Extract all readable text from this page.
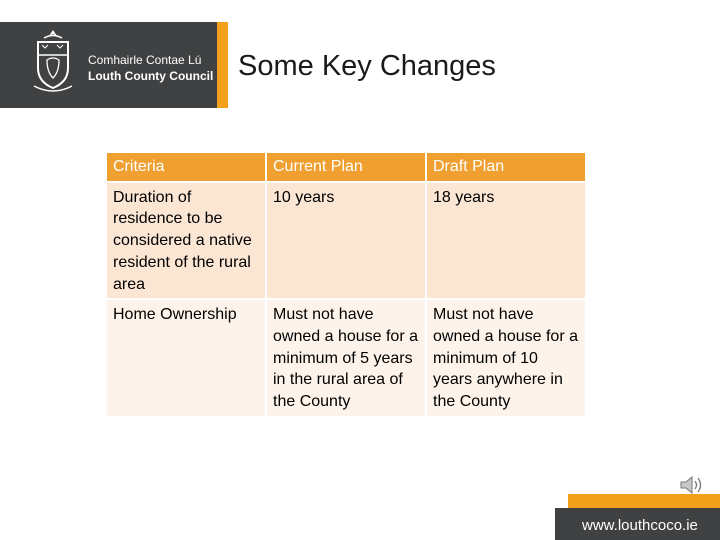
Comhairle Contae Lú
Louth County Council Some Key Changes
Criteria	Current Plan	Draft Plan
Duration of residence to be considered a native resident of the rural area	10 years	18 years
Home Ownership	Must not have owned a house for a minimum of 5 years in the rural area of the County	Must not have owned a house for a minimum of 10 years anywhere in the County
www.louthcoco.ie
